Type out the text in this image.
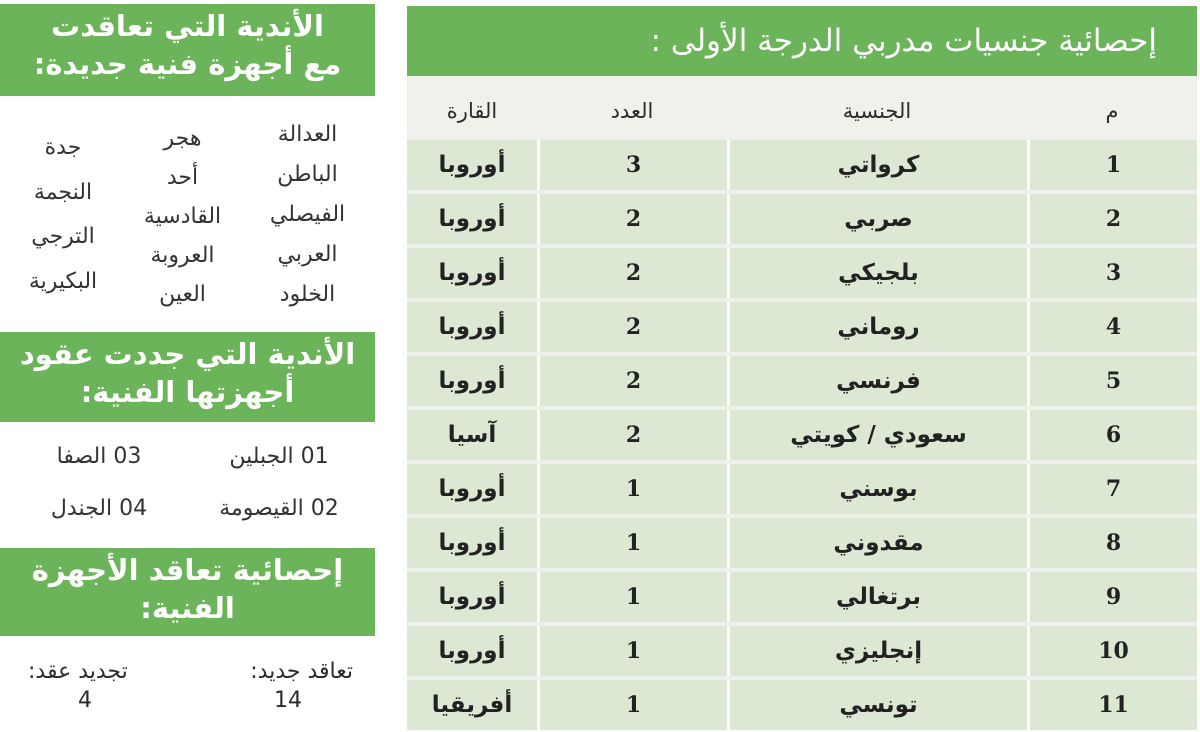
إحصائية جنسيات مدربي الدرجة الأولى :
م	الجنسية	العدد	القارة
1	كرواتي	3	أوروبا
2	صربي	2	أوروبا
3	بلجيكي	2	أوروبا
4	روماني	2	أوروبا
5	فرنسي	2	أوروبا
6	سعودي / كويتي	2	آسيا
7	بوسني	1	أوروبا
8	مقدوني	1	أوروبا
9	برتغالي	1	أوروبا
10	إنجليزي	1	أوروبا
11	تونسي	1	أفريقيا
الأندية التي تعاقدت
مع أجهزة فنية جديدة:
العدالة
الباطن
الفيصلي
العربي
الخلود
هجر
أحد
القادسية
العروبة
العين
جدة
النجمة
الترجي
البكيرية
الأندية التي جددت عقود
أجهزتها الفنية:
01 الجبلين
03 الصفا
02 القيصومة
04 الجندل
إحصائية تعاقد الأجهزة
الفنية:
تعاقد جديد:
14
تجديد عقد:
4
